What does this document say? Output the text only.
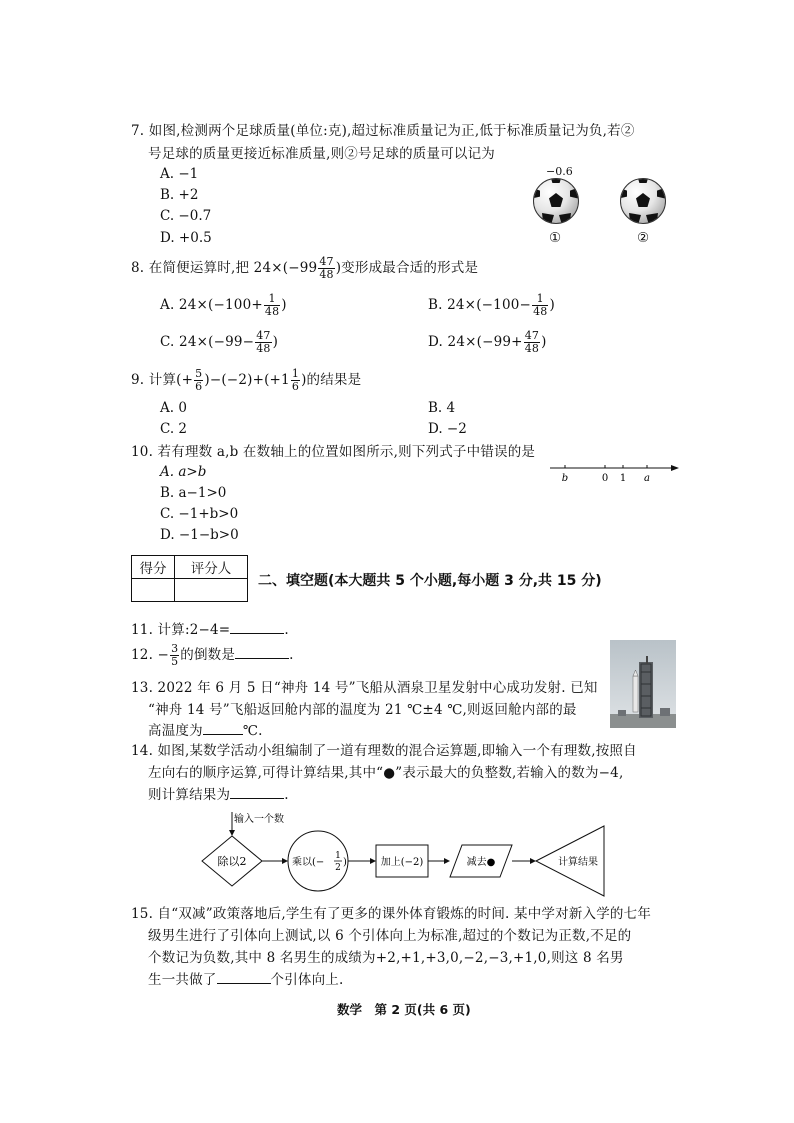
7. 如图,检测两个足球质量(单位:克),超过标准质量记为正,低于标准质量记为负,若②
号足球的质量更接近标准质量,则②号足球的质量可以记为
A. −1
B. +2
C. −0.7
D. +0.5
−0.6
①	②
8. 在简便运算时,把 $24\times(-99 \frac{47}{48}$ )变形成最合适的形式是
A. $24\times(-100+ \frac{1}{48}$ )	B. $24\times(-100- \frac{1}{48}$ )
C. $24\times(-99- \frac{47}{48}$ )	D. $24\times(-99+ \frac{47}{48}$ )
9. 计算(+ $\frac{5}{6} )-(-2)+(+1 \frac{1}{6}$ )的结果是
A. 0	B. 4
C. 2	D. −2
10. 若有理数 a,b 在数轴上的位置如图所示,则下列式子中错误的是
A. a>b
B. a−1>0
C. −1+b>0
D. −1−b>0
b	0 1 a
得分	评分人

二、填空题(本大题共 5 个小题,每小题 3 分,共 15 分)
11. 计算:2−4=	.
12. − $\frac{3}{5}$ 的倒数是	.
13. 2022 年 6 月 5 日“神舟 14 号”飞船从酒泉卫星发射中心成功发射. 已知
“神舟 14 号”飞船返回舱内部的温度为 21 ℃±4 ℃,则返回舱内部的最
高温度为	℃.
14. 如图,某数学活动小组编制了一道有理数的混合运算题,即输入一个有理数,按照自
左向右的顺序运算,可得计算结果,其中“●”表示最大的负整数,若输入的数为−4,
则计算结果为	.
输入一个数
除以2	乘以(−
1
2 )	加上(−2)	减去●	计算结果
15. 自“双减”政策落地后,学生有了更多的课外体育锻炼的时间. 某中学对新入学的七年
级男生进行了引体向上测试,以 6 个引体向上为标准,超过的个数记为正数,不足的
个数记为负数,其中 8 名男生的成绩为+2,+1,+3,0,−2,−3,+1,0,则这 8 名男
生一共做了	个引体向上.
数学　第 2 页(共 6 页)
